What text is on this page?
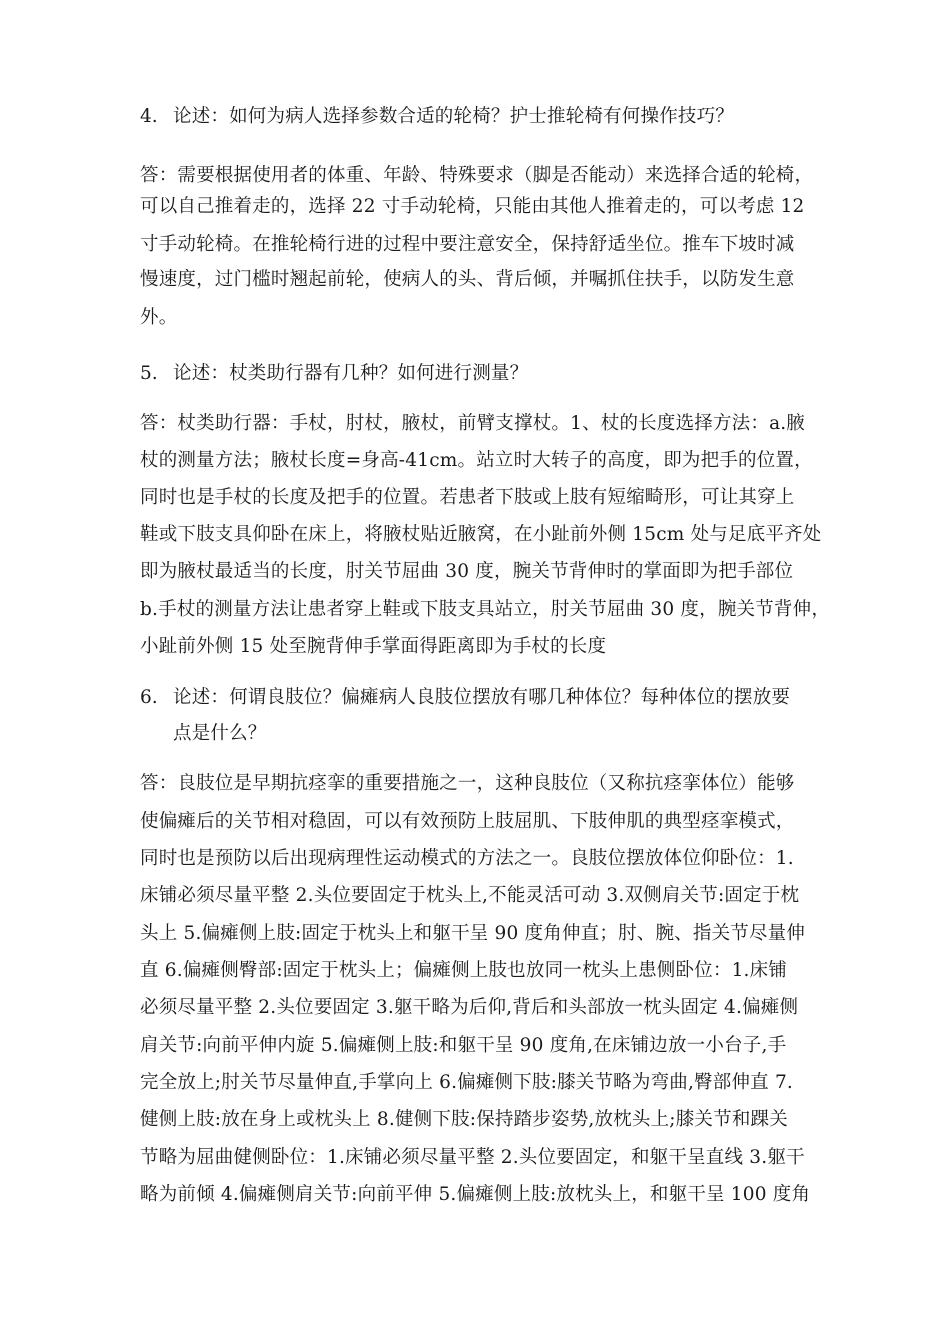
4. 论述：如何为病人选择参数合适的轮椅？护士推轮椅有何操作技巧？
答：需要根据使用者的体重、年龄、特殊要求（脚是否能动）来选择合适的轮椅，
可以自己推着走的，选择 22 寸手动轮椅，只能由其他人推着走的，可以考虑 12
寸手动轮椅。在推轮椅行进的过程中要注意安全，保持舒适坐位。推车下坡时减
慢速度，过门槛时翘起前轮，使病人的头、背后倾，并嘱抓住扶手，以防发生意
外。
5. 论述：杖类助行器有几种？如何进行测量？
答：杖类助行器：手杖，肘杖，腋杖，前臂支撑杖。1、杖的长度选择方法：a.腋
杖的测量方法；腋杖长度=身高-41cm。站立时大转子的高度，即为把手的位置，
同时也是手杖的长度及把手的位置。若患者下肢或上肢有短缩畸形，可让其穿上
鞋或下肢支具仰卧在床上，将腋杖贴近腋窝，在小趾前外侧 15cm 处与足底平齐处
即为腋杖最适当的长度，肘关节屈曲 30 度，腕关节背伸时的掌面即为把手部位
b.手杖的测量方法让患者穿上鞋或下肢支具站立，肘关节屈曲 30 度，腕关节背伸，
小趾前外侧 15 处至腕背伸手掌面得距离即为手杖的长度
6. 论述：何谓良肢位？偏瘫病人良肢位摆放有哪几种体位？每种体位的摆放要
点是什么？
答：良肢位是早期抗痉挛的重要措施之一，这种良肢位（又称抗痉挛体位）能够
使偏瘫后的关节相对稳固，可以有效预防上肢屈肌、下肢伸肌的典型痉挛模式，
同时也是预防以后出现病理性运动模式的方法之一。良肢位摆放体位仰卧位：1.
床铺必须尽量平整 2.头位要固定于枕头上,不能灵活可动 3.双侧肩关节:固定于枕
头上 5.偏瘫侧上肢:固定于枕头上和躯干呈 90 度角伸直；肘、腕、指关节尽量伸
直 6.偏瘫侧臀部:固定于枕头上；偏瘫侧上肢也放同一枕头上患侧卧位：1.床铺
必须尽量平整 2.头位要固定 3.躯干略为后仰,背后和头部放一枕头固定 4.偏瘫侧
肩关节:向前平伸内旋 5.偏瘫侧上肢:和躯干呈 90 度角,在床铺边放一小台子,手
完全放上;肘关节尽量伸直,手掌向上 6.偏瘫侧下肢:膝关节略为弯曲,臀部伸直 7.
健侧上肢:放在身上或枕头上 8.健侧下肢:保持踏步姿势,放枕头上;膝关节和踝关
节略为屈曲健侧卧位：1.床铺必须尽量平整 2.头位要固定，和躯干呈直线 3.躯干
略为前倾 4.偏瘫侧肩关节:向前平伸 5.偏瘫侧上肢:放枕头上，和躯干呈 100 度角
